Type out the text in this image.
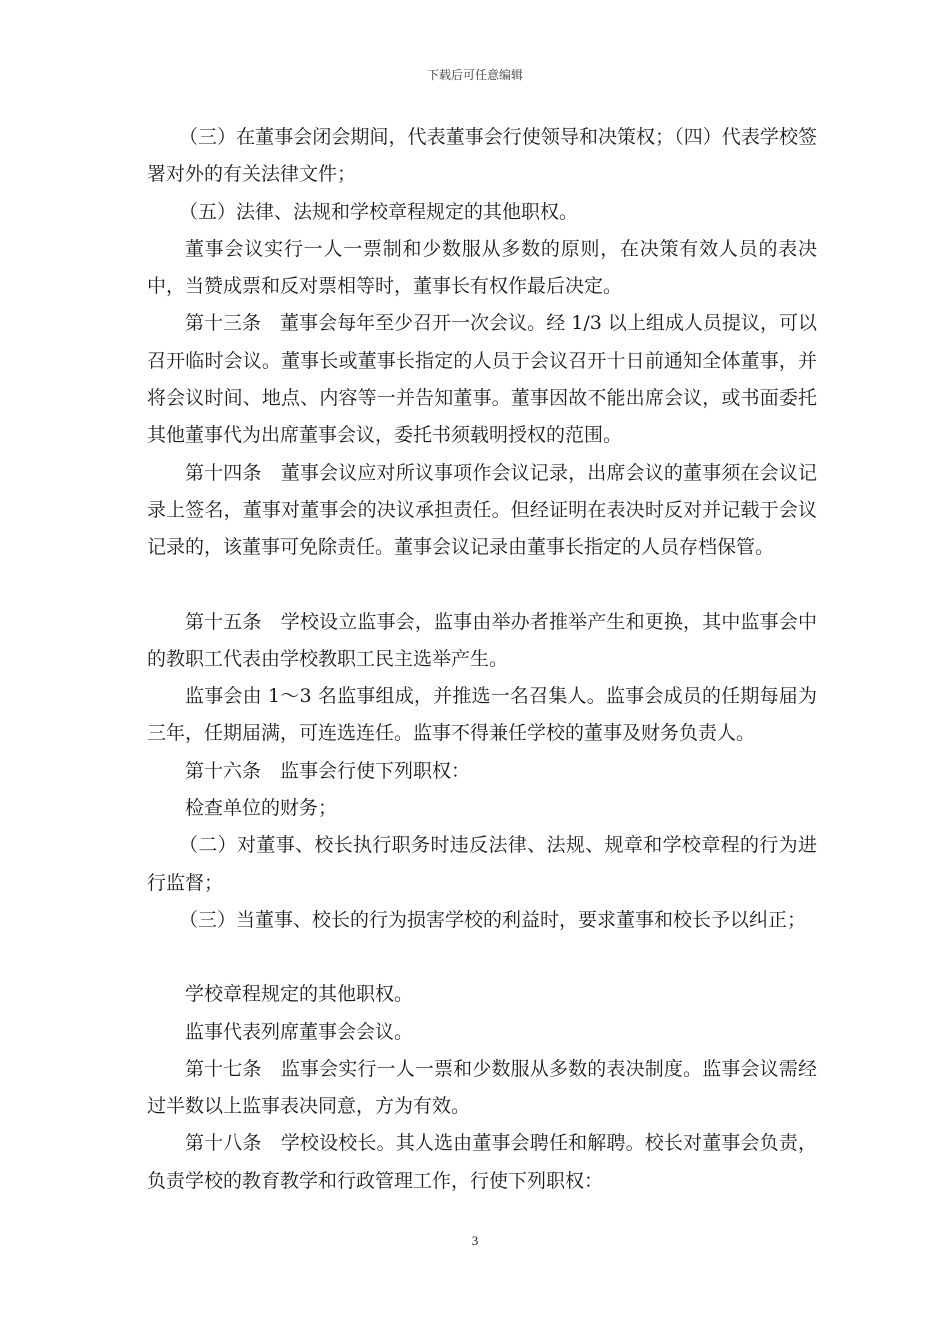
下载后可任意编辑

（三）在董事会闭会期间，代表董事会行使领导和决策权；（四）代表学校签署对外的有关法律文件；

（五）法律、法规和学校章程规定的其他职权。

董事会议实行一人一票制和少数服从多数的原则，在决策有效人员的表决中，当赞成票和反对票相等时，董事长有权作最后决定。

第十三条　董事会每年至少召开一次会议。经 1/3 以上组成人员提议，可以召开临时会议。董事长或董事长指定的人员于会议召开十日前通知全体董事，并将会议时间、地点、内容等一并告知董事。董事因故不能出席会议，或书面委托其他董事代为出席董事会议，委托书须载明授权的范围。

第十四条　董事会议应对所议事项作会议记录，出席会议的董事须在会议记录上签名，董事对董事会的决议承担责任。但经证明在表决时反对并记载于会议记录的，该董事可免除责任。董事会议记录由董事长指定的人员存档保管。

第十五条　学校设立监事会，监事由举办者推举产生和更换，其中监事会中的教职工代表由学校教职工民主选举产生。

监事会由 1～3 名监事组成，并推选一名召集人。监事会成员的任期每届为三年，任期届满，可连选连任。监事不得兼任学校的董事及财务负责人。

第十六条　监事会行使下列职权：

检查单位的财务；

（二）对董事、校长执行职务时违反法律、法规、规章和学校章程的行为进行监督；

（三）当董事、校长的行为损害学校的利益时，要求董事和校长予以纠正；

学校章程规定的其他职权。

监事代表列席董事会会议。

第十七条　监事会实行一人一票和少数服从多数的表决制度。监事会议需经过半数以上监事表决同意，方为有效。

第十八条　学校设校长。其人选由董事会聘任和解聘。校长对董事会负责，负责学校的教育教学和行政管理工作，行使下列职权：

3
